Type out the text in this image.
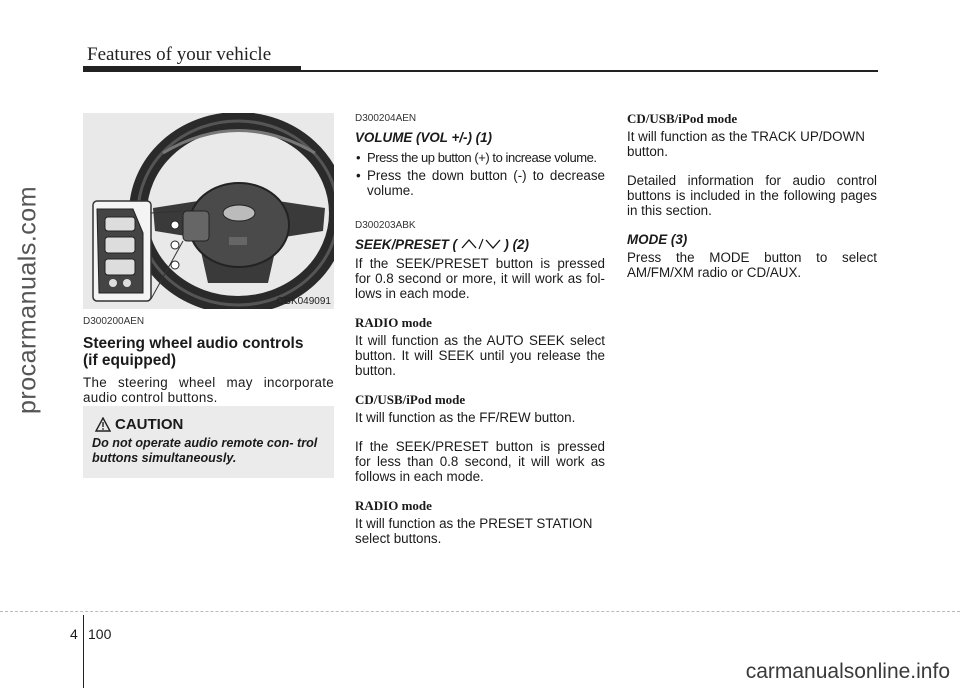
Features of your vehicle
procarmanuals.com	OBK049091

D300200AEN

Steering wheel audio controls
(if equipped)

The steering wheel may incorporate audio control buttons.

CAUTION
Do not operate audio remote con- trol buttons simultaneously.

D300204AEN

VOLUME (VOL +/-) (1)

• Press the up button (+) to increase volume.

• Press the down button (-) to decrease volume.

D300203ABK

SEEK/PRESET (	) (2)

If the SEEK/PRESET button is pressed for 0.8 second or more, it will work as fol- lows in each mode.

RADIO mode

It will function as the AUTO SEEK select button. It will SEEK until you release the button.

CD/USB/iPod mode

It will function as the FF/REW button.

If the SEEK/PRESET button is pressed for less than 0.8 second, it will work as follows in each mode.

RADIO mode

It will function as the PRESET STATION select buttons.

CD/USB/iPod mode

It will function as the TRACK UP/DOWN button.

Detailed information for audio control buttons is included in the following pages in this section.

MODE (3)

Press the MODE button to select AM/FM/XM radio or CD/AUX.

4 100
carmanualsonline.info
